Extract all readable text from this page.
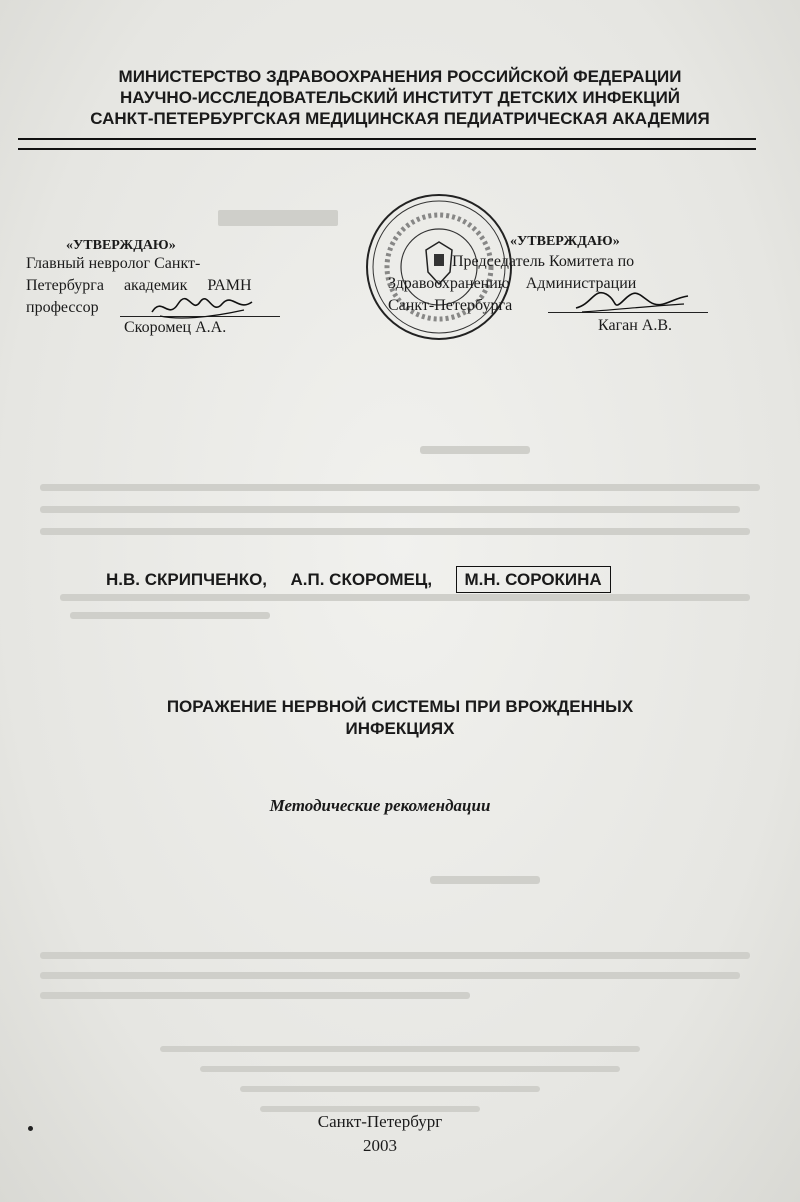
МИНИСТЕРСТВО ЗДРАВООХРАНЕНИЯ РОССИЙСКОЙ ФЕДЕРАЦИИ
НАУЧНО-ИССЛЕДОВАТЕЛЬСКИЙ ИНСТИТУТ ДЕТСКИХ ИНФЕКЦИЙ
САНКТ-ПЕТЕРБУРГСКАЯ МЕДИЦИНСКАЯ ПЕДИАТРИЧЕСКАЯ АКАДЕМИЯ
«УТВЕРЖДАЮ»
Главный невролог Санкт-
Петербурга     академик     РАМН
профессор
Скоромец А.А.
«УТВЕРЖДАЮ»
Председатель Комитета по
Здравоохранению    Администрации
Санкт-Петербурга
Каган А.В.
Н.В. СКРИПЧЕНКО, А.П. СКОРОМЕЦ, М.Н. СОРОКИНА
ПОРАЖЕНИЕ НЕРВНОЙ СИСТЕМЫ ПРИ ВРОЖДЕННЫХ
ИНФЕКЦИЯХ
Методические рекомендации
Санкт-Петербург
2003
